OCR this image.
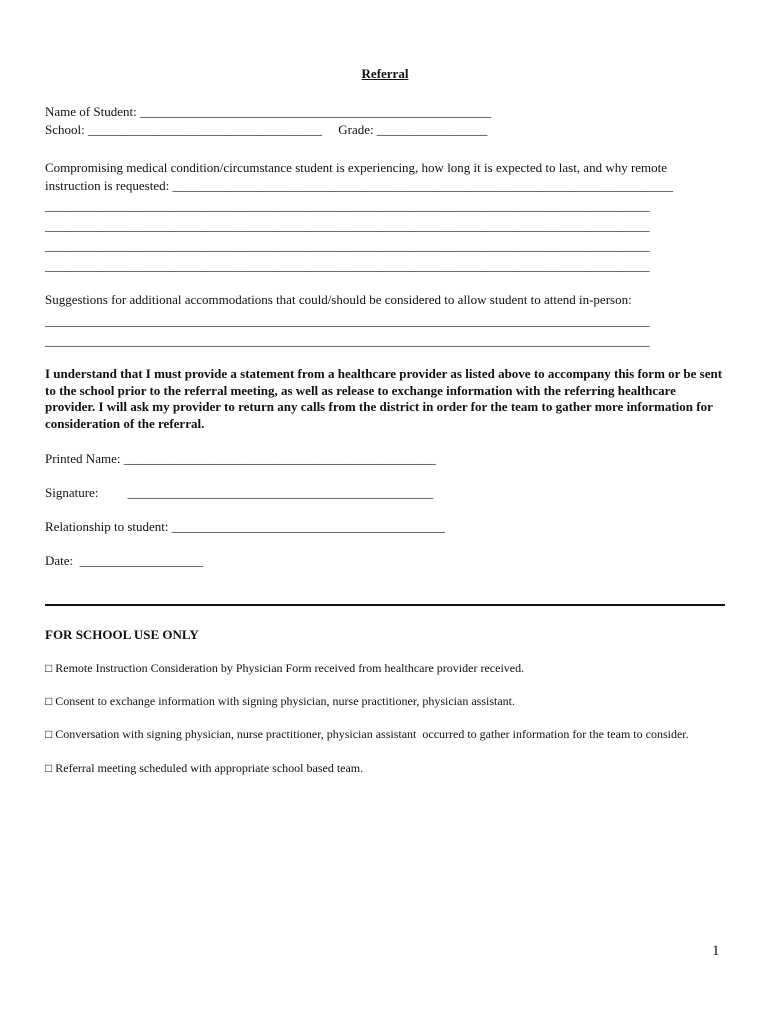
Referral
Name of Student: ______________________________________________________
School: ____________________________________     Grade: _________________
Compromising medical condition/circumstance student is experiencing, how long it is expected to last, and why remote
instruction is requested: _____________________________________________________________________________
_____________________________________________________________________________________________
_____________________________________________________________________________________________
_____________________________________________________________________________________________
_____________________________________________________________________________________________
Suggestions for additional accommodations that could/should be considered to allow student to attend in-person:
_____________________________________________________________________________________________
_____________________________________________________________________________________________
I understand that I must provide a statement from a healthcare provider as listed above to accompany this form or be sent to the school prior to the referral meeting, as well as release to exchange information with the referring healthcare provider. I will ask my provider to return any calls from the district in order for the team to gather more information for consideration of the referral.
Printed Name: ________________________________________________
Signature:         _______________________________________________
Relationship to student: __________________________________________
Date:  ___________________
FOR SCHOOL USE ONLY
□ Remote Instruction Consideration by Physician Form received from healthcare provider received.
□ Consent to exchange information with signing physician, nurse practitioner, physician assistant.
□ Conversation with signing physician, nurse practitioner, physician assistant  occurred to gather information for the team to consider.
□ Referral meeting scheduled with appropriate school based team.
1
